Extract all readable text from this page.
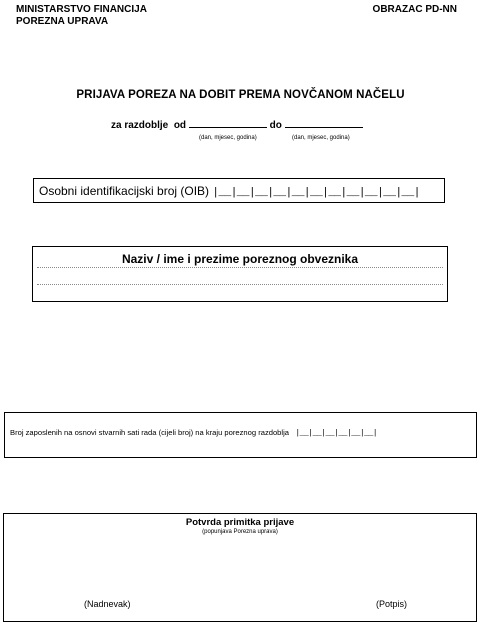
MINISTARSTVO FINANCIJA
POREZNA UPRAVA
OBRAZAC PD-NN
PRIJAVA POREZA NA DOBIT PREMA NOVČANOM NAČELU
za razdoblje od	do
(dan, mjesec, godina)	(dan, mjesec, godina)
Osobni identifikacijski broj (OIB) |__|__|__|__|__|__|__|__|__|__|__|
Naziv / ime i prezime poreznog obveznika
Broj zaposlenih na osnovi stvarnih sati rada (cijeli broj) na kraju poreznog razdoblja |__|__|__|__|__|__|
Potvrda primitka prijave
(popunjava Porezna uprava)
(Nadnevak)	(Potpis)
